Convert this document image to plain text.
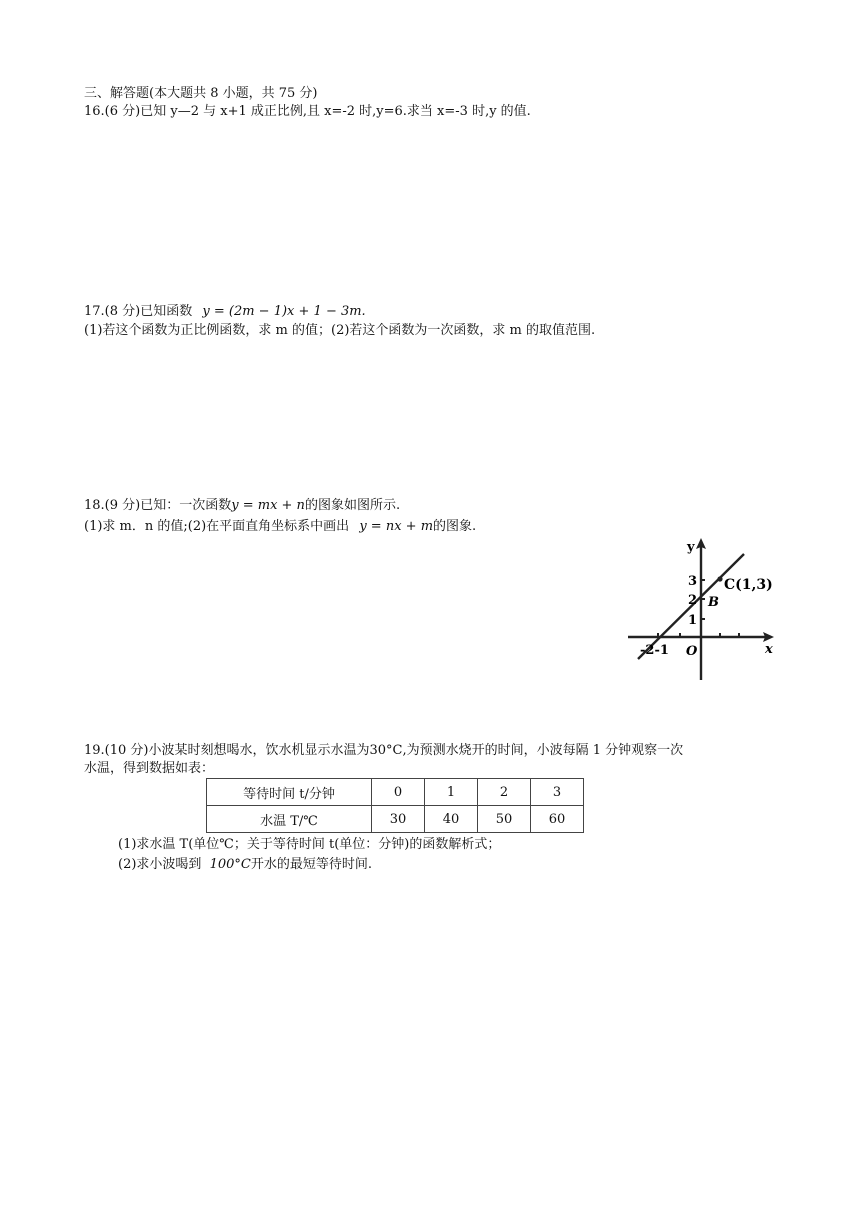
三、解答题(本大题共 8 小题，共 75 分)
16.(6 分)已知 y—2 与 x+1 成正比例,且 x=-2 时,y=6.求当 x=-3 时,y 的值.
17.(8 分)已知函数 y = (2m − 1)x + 1 − 3m.
(1)若这个函数为正比例函数，求 m 的值；(2)若这个函数为一次函数，求 m 的取值范围.
18.(9 分)已知：一次函数y = mx + n的图象如图所示.
(1)求 m．n 的值;(2)在平面直角坐标系中画出 y = nx + m的图象.
y
x
3
2
1
C(1,3)
B
-2-1 O
19.(10 分)小波某时刻想喝水，饮水机显示水温为30°C,为预测水烧开的时间，小波每隔 1 分钟观察一次
水温，得到数据如表：
等待时间 t/分钟	0	1	2	3
水温 T/℃	30	40	50	60
(1)求水温 T(单位℃；关于等待时间 t(单位：分钟)的函数解析式；
(2)求小波喝到 100°C开水的最短等待时间.
